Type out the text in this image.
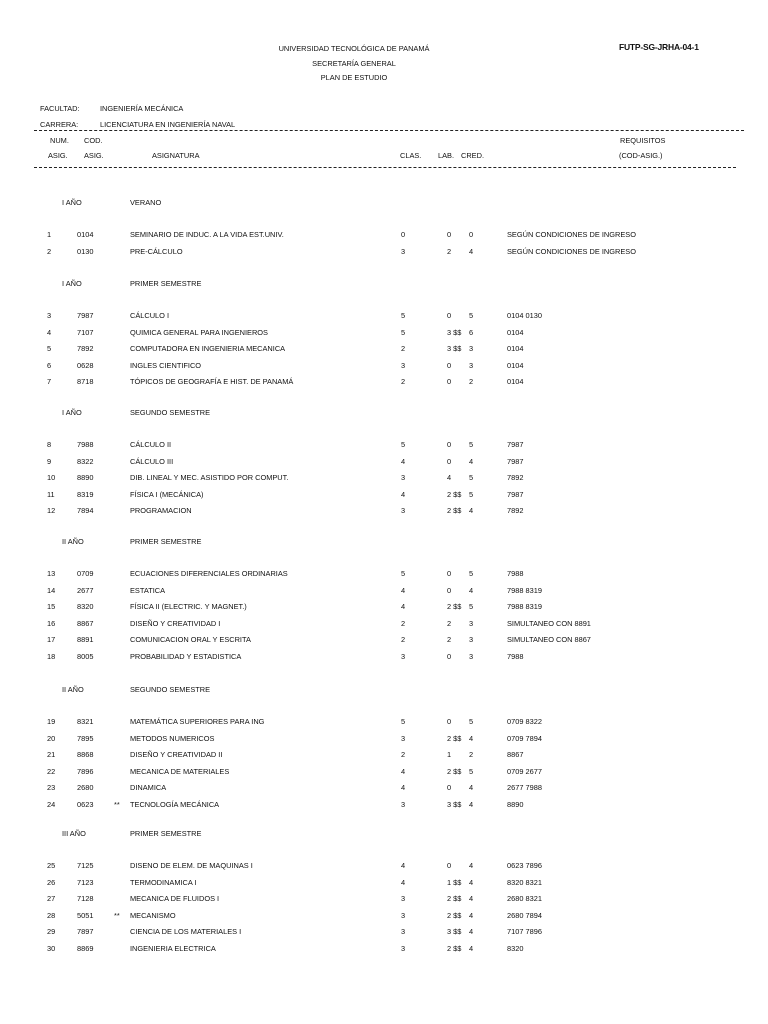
UNIVERSIDAD TECNOLÓGICA DE PANAMÁ
SECRETARÍA GENERAL
PLAN DE ESTUDIO
FUTP-SG-JRHA-04-1
FACULTAD:	INGENIERÍA MECÁNICA
CARRERA:	LICENCIATURA EN INGENIERÍA NAVAL
NUM. COD.	REQUISITOS
ASIG. ASIG.	ASIGNATURA	CLAS. LAB. CRED.	(COD-ASIG.)
I AÑO	VERANO
1	0104	SEMINARIO DE INDUC. A LA VIDA EST.UNIV.	0	0 0	SEGÚN CONDICIONES DE INGRESO
2	0130	PRE-CÁLCULO	3	2 4	SEGÚN CONDICIONES DE INGRESO
I AÑO	PRIMER SEMESTRE
3	7987	CÁLCULO I	5	0 5	0104 0130
4	7107	QUIMICA GENERAL PARA INGENIEROS	5	3 $$ 6	0104
5	7892	COMPUTADORA EN INGENIERIA MECANICA	2	3 $$ 3	0104
6	0628	INGLES CIENTIFICO	3	0 3	0104
7	8718	TÓPICOS DE GEOGRAFÍA E HIST. DE PANAMÁ	2	0 2	0104
I AÑO	SEGUNDO SEMESTRE
8	7988	CÁLCULO II	5	0 5	7987
9	8322	CÁLCULO III	4	0 4	7987
10	8890	DIB. LINEAL Y MEC. ASISTIDO POR COMPUT.	3	4 5	7892
11	8319	FÍSICA I (MECÁNICA)	4	2 $$ 5	7987
12	7894	PROGRAMACION	3	2 $$ 4	7892
II AÑO	PRIMER SEMESTRE
13	0709	ECUACIONES DIFERENCIALES ORDINARIAS	5	0 5	7988
14	2677	ESTATICA	4	0 4	7988 8319
15	8320	FÍSICA II (ELECTRIC. Y MAGNET.)	4	2 $$ 5	7988 8319
16	8867	DISEÑO Y CREATIVIDAD I	2	2 3	SIMULTANEO CON 8891
17	8891	COMUNICACION ORAL Y ESCRITA	2	2 3	SIMULTANEO CON 8867
18	8005	PROBABILIDAD Y ESTADISTICA	3	0 3	7988
II AÑO	SEGUNDO SEMESTRE
19	8321	MATEMÁTICA SUPERIORES PARA ING	5	0 5	0709 8322
20	7895	METODOS NUMERICOS	3	2 $$ 4	0709 7894
21	8868	DISEÑO Y CREATIVIDAD II	2	1 2	8867
22	7896	MECANICA DE MATERIALES	4	2 $$ 5	0709 2677
23	2680	DINAMICA	4	0 4	2677 7988
24	0623	** TECNOLOGÍA MECÁNICA	3	3 $$ 4	8890
III AÑO	PRIMER SEMESTRE
25	7125	DISENO DE ELEM. DE MAQUINAS I	4	0 4	0623 7896
26	7123	TERMODINAMICA I	4	1 $$ 4	8320 8321
27	7128	MECANICA DE FLUIDOS I	3	2 $$ 4	2680 8321
28	5051	** MECANISMO	3	2 $$ 4	2680 7894
29	7897	CIENCIA DE LOS MATERIALES I	3	3 $$ 4	7107 7896
30	8869	INGENIERIA ELECTRICA	3	2 $$ 4	8320
